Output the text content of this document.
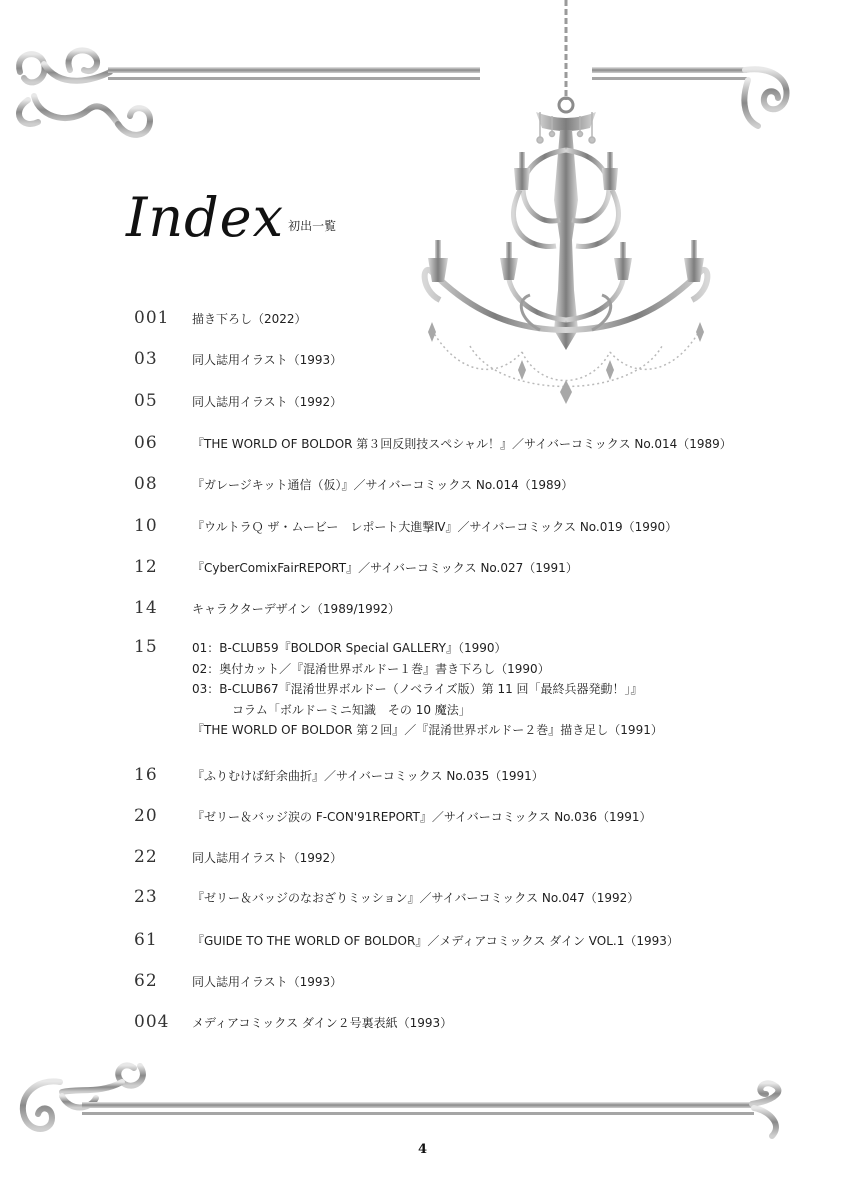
Index $^{初出一覧}$
001 描き下ろし（2022）
03	同人誌用イラスト（1993）
05	同人誌用イラスト（1992）
06	『THE WORLD OF BOLDOR 第３回反則技スペシャル！』／サイバーコミックス No.014（1989）
08	『ガレージキット通信（仮）』／サイバーコミックス No.014（1989）
10	『ウルトラＱ ザ・ムービー　レポート大進撃Ⅳ』／サイバーコミックス No.019（1990）
12	『CyberComixFairREPORT』／サイバーコミックス No.027（1991）
14	キャラクターデザイン（1989/1992）
15	01：B-CLUB59『BOLDOR Special GALLERY』（1990）
02：奥付カット／『混淆世界ボルドー１巻』書き下ろし（1990）
03：B-CLUB67『混淆世界ボルドー（ノベライズ版）第 11 回「最終兵器発動！」』
コラム「ボルドーミニ知識　その 10 魔法」
『THE WORLD OF BOLDOR 第２回』／『混淆世界ボルドー２巻』描き足し（1991）
16	『ふりむけば紆余曲折』／サイバーコミックス No.035（1991）
20	『ゼリー＆バッジ涙の F-CON'91REPORT』／サイバーコミックス No.036（1991）
22	同人誌用イラスト（1992）
23	『ゼリー＆バッジのなおざりミッション』／サイバーコミックス No.047（1992）
61	『GUIDE TO THE WORLD OF BOLDOR』／メディアコミックス ダイン VOL.1（1993）
62	同人誌用イラスト（1993）
004 メディアコミックス ダイン２号裏表紙（1993）
4
